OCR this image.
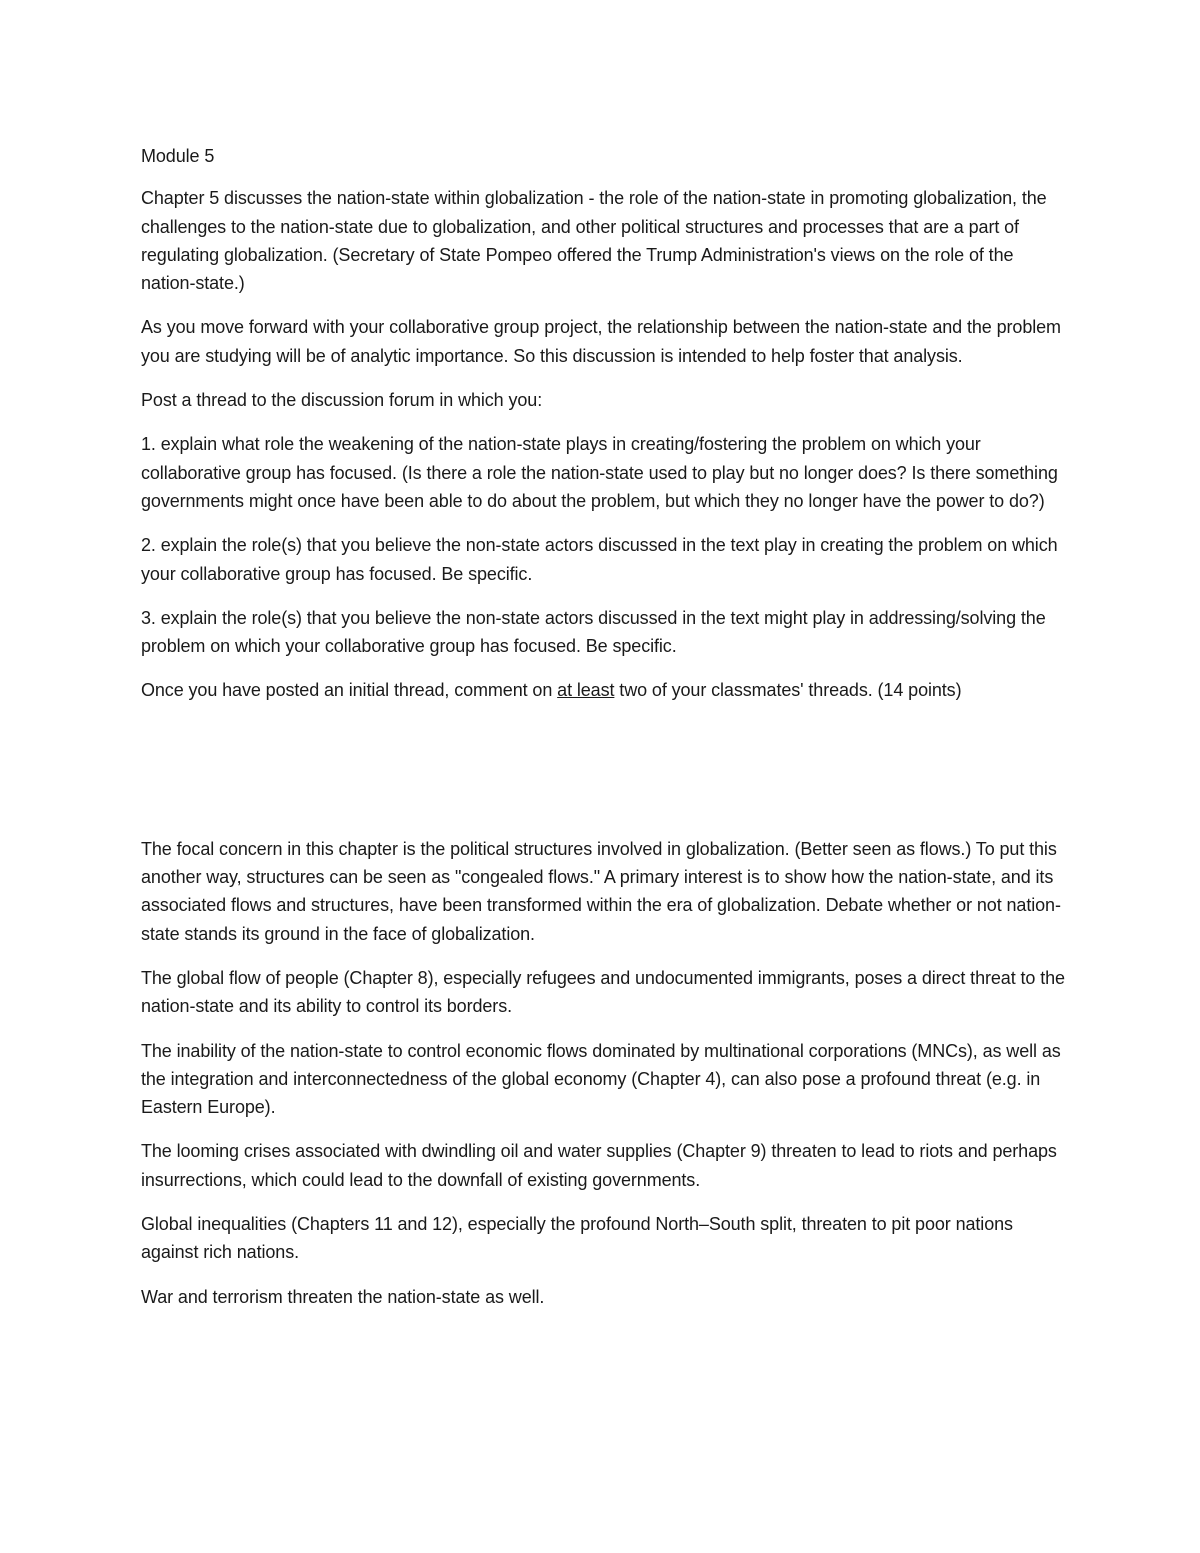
Module 5

Chapter 5 discusses the nation-state within globalization - the role of the nation-state in promoting globalization, the challenges to the nation-state due to globalization, and other political structures and processes that are a part of regulating globalization. (Secretary of State Pompeo offered the Trump Administration's views on the role of the nation-state.)

As you move forward with your collaborative group project, the relationship between the nation-state and the problem you are studying will be of analytic importance. So this discussion is intended to help foster that analysis.

Post a thread to the discussion forum in which you:

1. explain what role the weakening of the nation-state plays in creating/fostering the problem on which your collaborative group has focused. (Is there a role the nation-state used to play but no longer does? Is there something governments might once have been able to do about the problem, but which they no longer have the power to do?)

2. explain the role(s) that you believe the non-state actors discussed in the text play in creating the problem on which your collaborative group has focused. Be specific.

3. explain the role(s) that you believe the non-state actors discussed in the text might play in addressing/solving the problem on which your collaborative group has focused. Be specific.

Once you have posted an initial thread, comment on at least two of your classmates' threads. (14 points)

The focal concern in this chapter is the political structures involved in globalization. (Better seen as flows.) To put this another way, structures can be seen as "congealed flows." A primary interest is to show how the nation-state, and its associated flows and structures, have been transformed within the era of globalization. Debate whether or not nation-state stands its ground in the face of globalization.

The global flow of people (Chapter 8), especially refugees and undocumented immigrants, poses a direct threat to the nation-state and its ability to control its borders.

The inability of the nation-state to control economic flows dominated by multinational corporations (MNCs), as well as the integration and interconnectedness of the global economy (Chapter 4), can also pose a profound threat (e.g. in Eastern Europe).

The looming crises associated with dwindling oil and water supplies (Chapter 9) threaten to lead to riots and perhaps insurrections, which could lead to the downfall of existing governments.

Global inequalities (Chapters 11 and 12), especially the profound North–South split, threaten to pit poor nations against rich nations.

War and terrorism threaten the nation-state as well.
